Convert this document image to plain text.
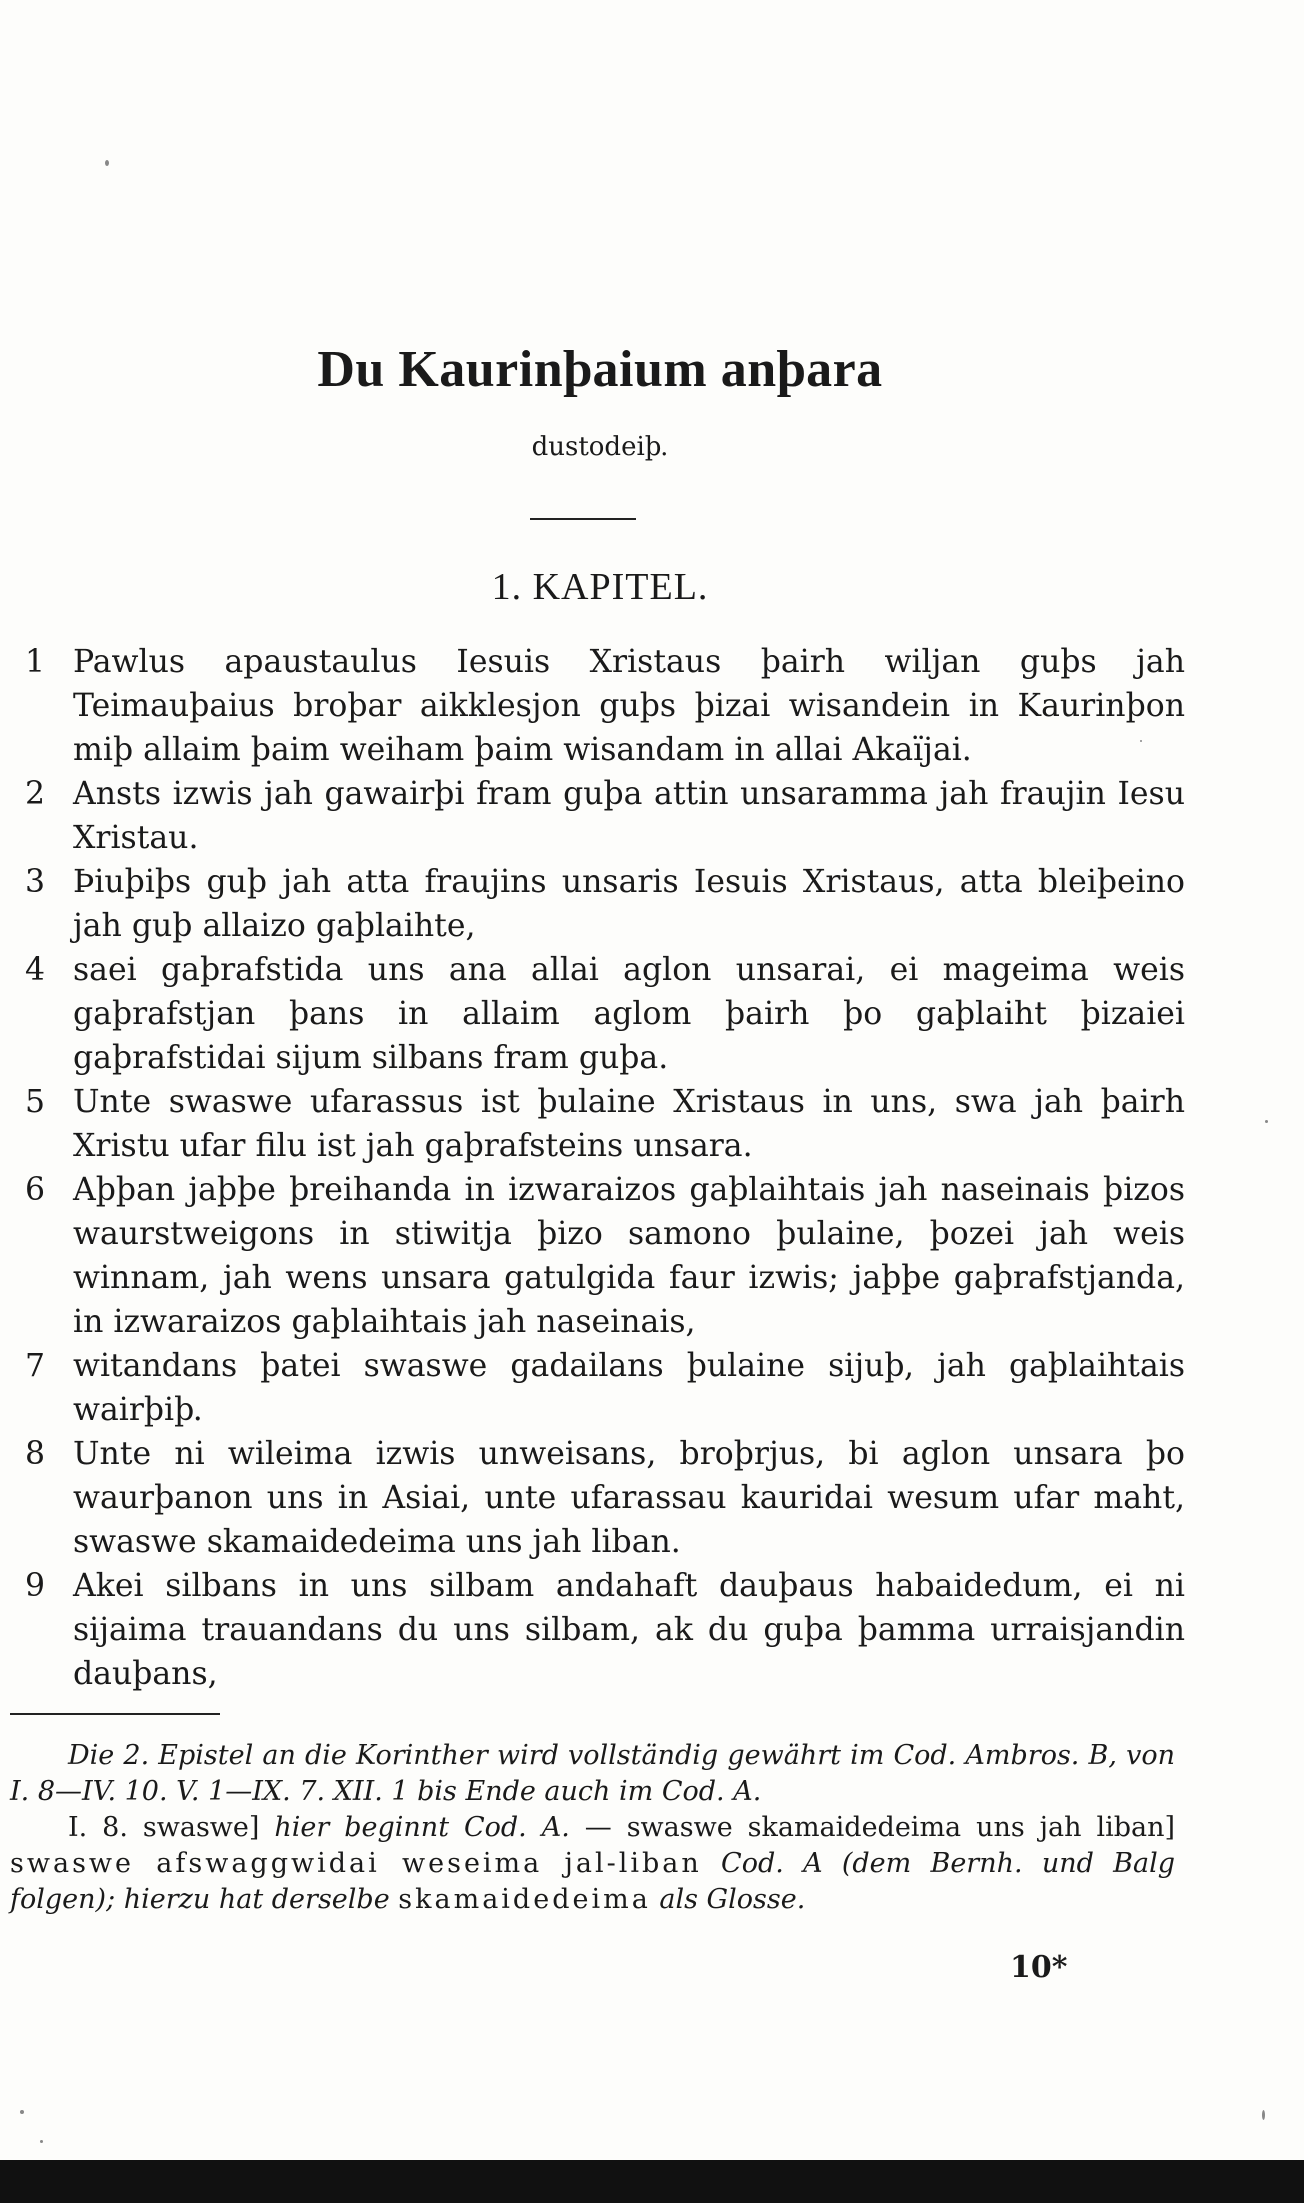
Du Kaurinþaium anþara
dustodeiþ.
1. KAPITEL.
1 Pawlus apaustaulus Iesuis Xristaus þairh wiljan guþs jah Teimauþaius broþar aikklesjon guþs þizai wisandein in Kaurinþon miþ allaim þaim weiham þaim wisandam in allai Akaïjai.
2 Ansts izwis jah gawairþi fram guþa attin unsaramma jah fraujin Iesu Xristau.
3 Þiuþiþs guþ jah atta fraujins unsaris Iesuis Xristaus, atta bleiþeino jah guþ allaizo gaþlaihte,
4 saei gaþrafstida uns ana allai aglon unsarai, ei mageima weis gaþrafstjan þans in allaim aglom þairh þo gaþlaiht þizaiei gaþrafstidai sijum silbans fram guþa.
5 Unte swaswe ufarassus ist þulaine Xristaus in uns, swa jah þairh Xristu ufar filu ist jah gaþrafsteins unsara.
6 Aþþan jaþþe þreihanda in izwaraizos gaþlaihtais jah naseinais þizos waurstweigons in stiwitja þizo samono þulaine, þozei jah weis winnam, jah wens unsara gatulgida faur izwis; jaþþe gaþrafstjanda, in izwaraizos gaþlaihtais jah naseinais,
7 witandans þatei swaswe gadailans þulaine sijuþ, jah gaþlaihtais wairþiþ.
8 Unte ni wileima izwis unweisans, broþrjus, bi aglon unsara þo waurþanon uns in Asiai, unte ufarassau kauridai wesum ufar maht, swaswe skamaidedeima uns jah liban.
9 Akei silbans in uns silbam andahaft dauþaus habaidedum, ei ni sijaima trauandans du uns silbam, ak du guþa þamma urraisjandin dauþans,

Die 2. Epistel an die Korinther wird vollständig gewährt im Cod. Ambros. B, von I. 8—IV. 10. V. 1—IX. 7. XII. 1 bis Ende auch im Cod. A.

I. 8. swaswe] hier beginnt Cod. A. — swaswe skamaidedeima uns jah liban] swaswe afswaggwidai weseima jal-liban Cod. A (dem Bernh. und Balg folgen); hierzu hat derselbe skamaidedeima als Glosse.

10*
